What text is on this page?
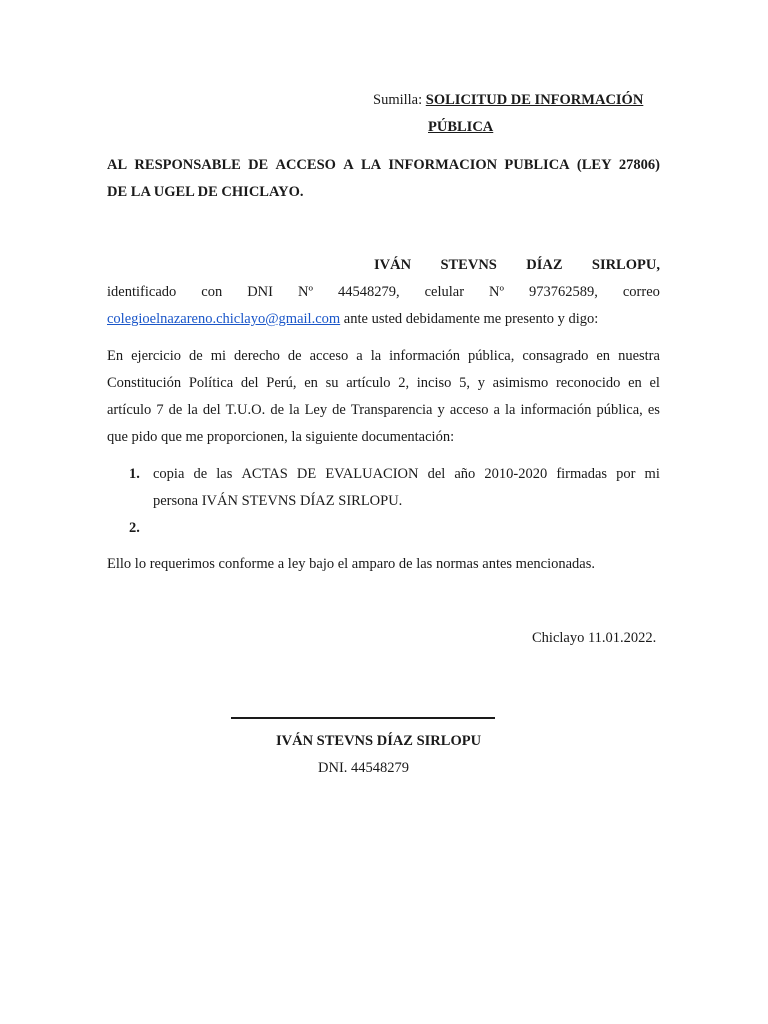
Sumilla: SOLICITUD DE INFORMACIÓN
PÚBLICA
AL RESPONSABLE DE ACCESO A LA INFORMACION PUBLICA (LEY 27806)
DE LA UGEL DE CHICLAYO.
IVÁN STEVNS DÍAZ SIRLOPU,
identificado con DNI Nº 44548279, celular Nº 973762589, correo
colegioelnazareno.chiclayo@gmail.com ante usted debidamente me presento y digo:
En ejercicio de mi derecho de acceso a la información pública, consagrado en nuestra
Constitución Política del Perú, en su artículo 2, inciso 5, y asimismo reconocido en el
artículo 7 de la del T.U.O. de la Ley de Transparencia y acceso a la información pública, es
que pido que me proporcionen, la siguiente documentación:
1. copia de las ACTAS DE EVALUACION del año 2010-2020 firmadas por mi
persona IVÁN STEVNS DÍAZ SIRLOPU.
2.
Ello lo requerimos conforme a ley bajo el amparo de las normas antes mencionadas.
Chiclayo 11.01.2022.
IVÁN STEVNS DÍAZ SIRLOPU
DNI. 44548279
